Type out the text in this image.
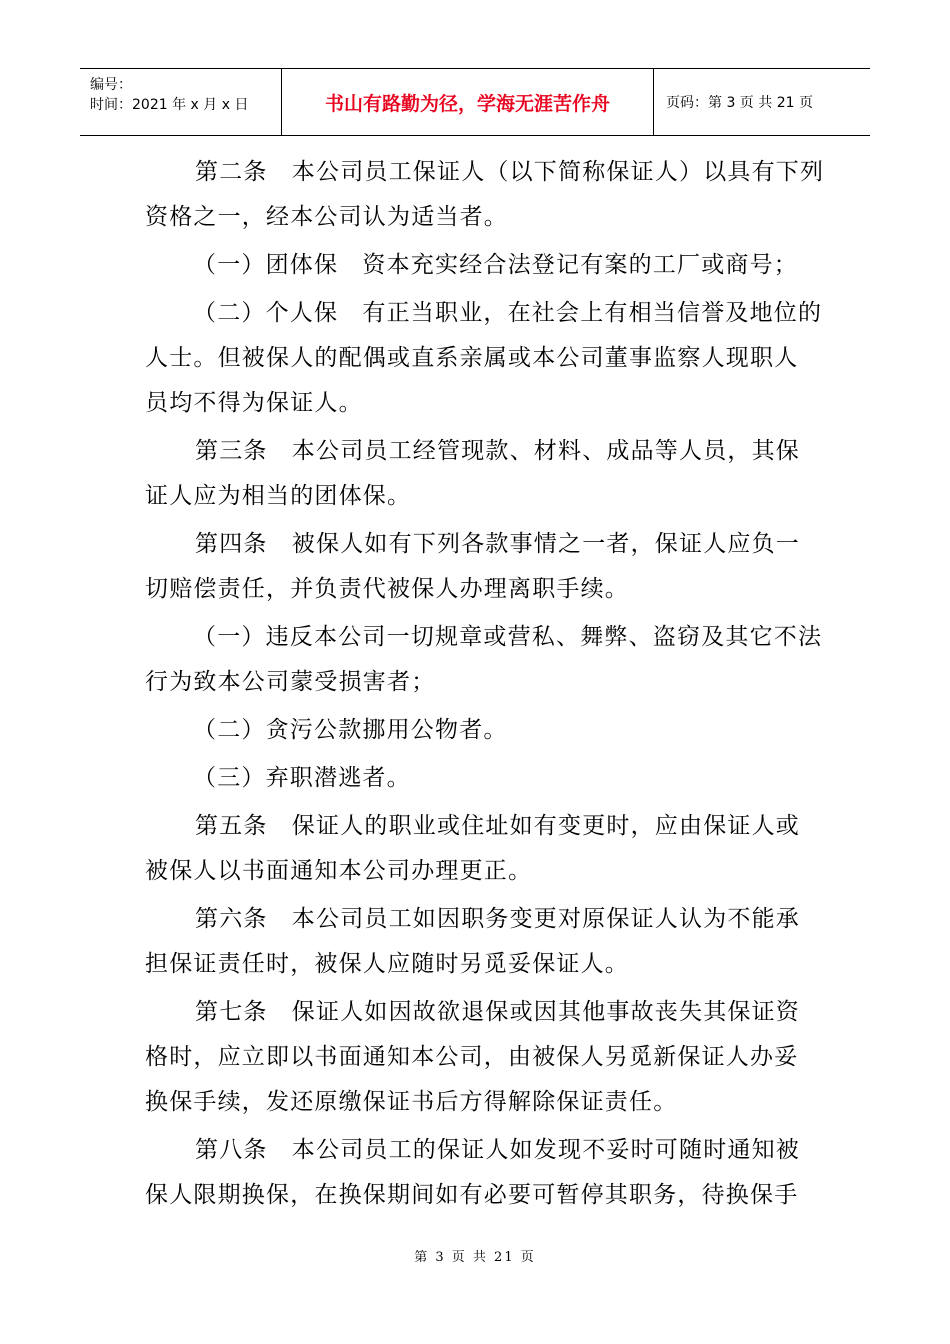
编号：
时间：2021 年 x 月 x 日	书山有路勤为径，学海无涯苦作舟	页码：第 3 页 共 21 页
第二条　本公司员工保证人（以下简称保证人）以具有下列
资格之一，经本公司认为适当者。
（一）团体保　资本充实经合法登记有案的工厂或商号；
（二）个人保　有正当职业，在社会上有相当信誉及地位的
人士。但被保人的配偶或直系亲属或本公司董事监察人现职人
员均不得为保证人。
第三条　本公司员工经管现款、材料、成品等人员，其保
证人应为相当的团体保。
第四条　被保人如有下列各款事情之一者，保证人应负一
切赔偿责任，并负责代被保人办理离职手续。
（一）违反本公司一切规章或营私、舞弊、盗窃及其它不法
行为致本公司蒙受损害者；
（二）贪污公款挪用公物者。
（三）弃职潜逃者。
第五条　保证人的职业或住址如有变更时，应由保证人或
被保人以书面通知本公司办理更正。
第六条　本公司员工如因职务变更对原保证人认为不能承
担保证责任时，被保人应随时另觅妥保证人。
第七条　保证人如因故欲退保或因其他事故丧失其保证资
格时，应立即以书面通知本公司，由被保人另觅新保证人办妥
换保手续，发还原缴保证书后方得解除保证责任。
第八条　本公司员工的保证人如发现不妥时可随时通知被
保人限期换保，在换保期间如有必要可暂停其职务，待换保手
第 3 页 共 21 页
